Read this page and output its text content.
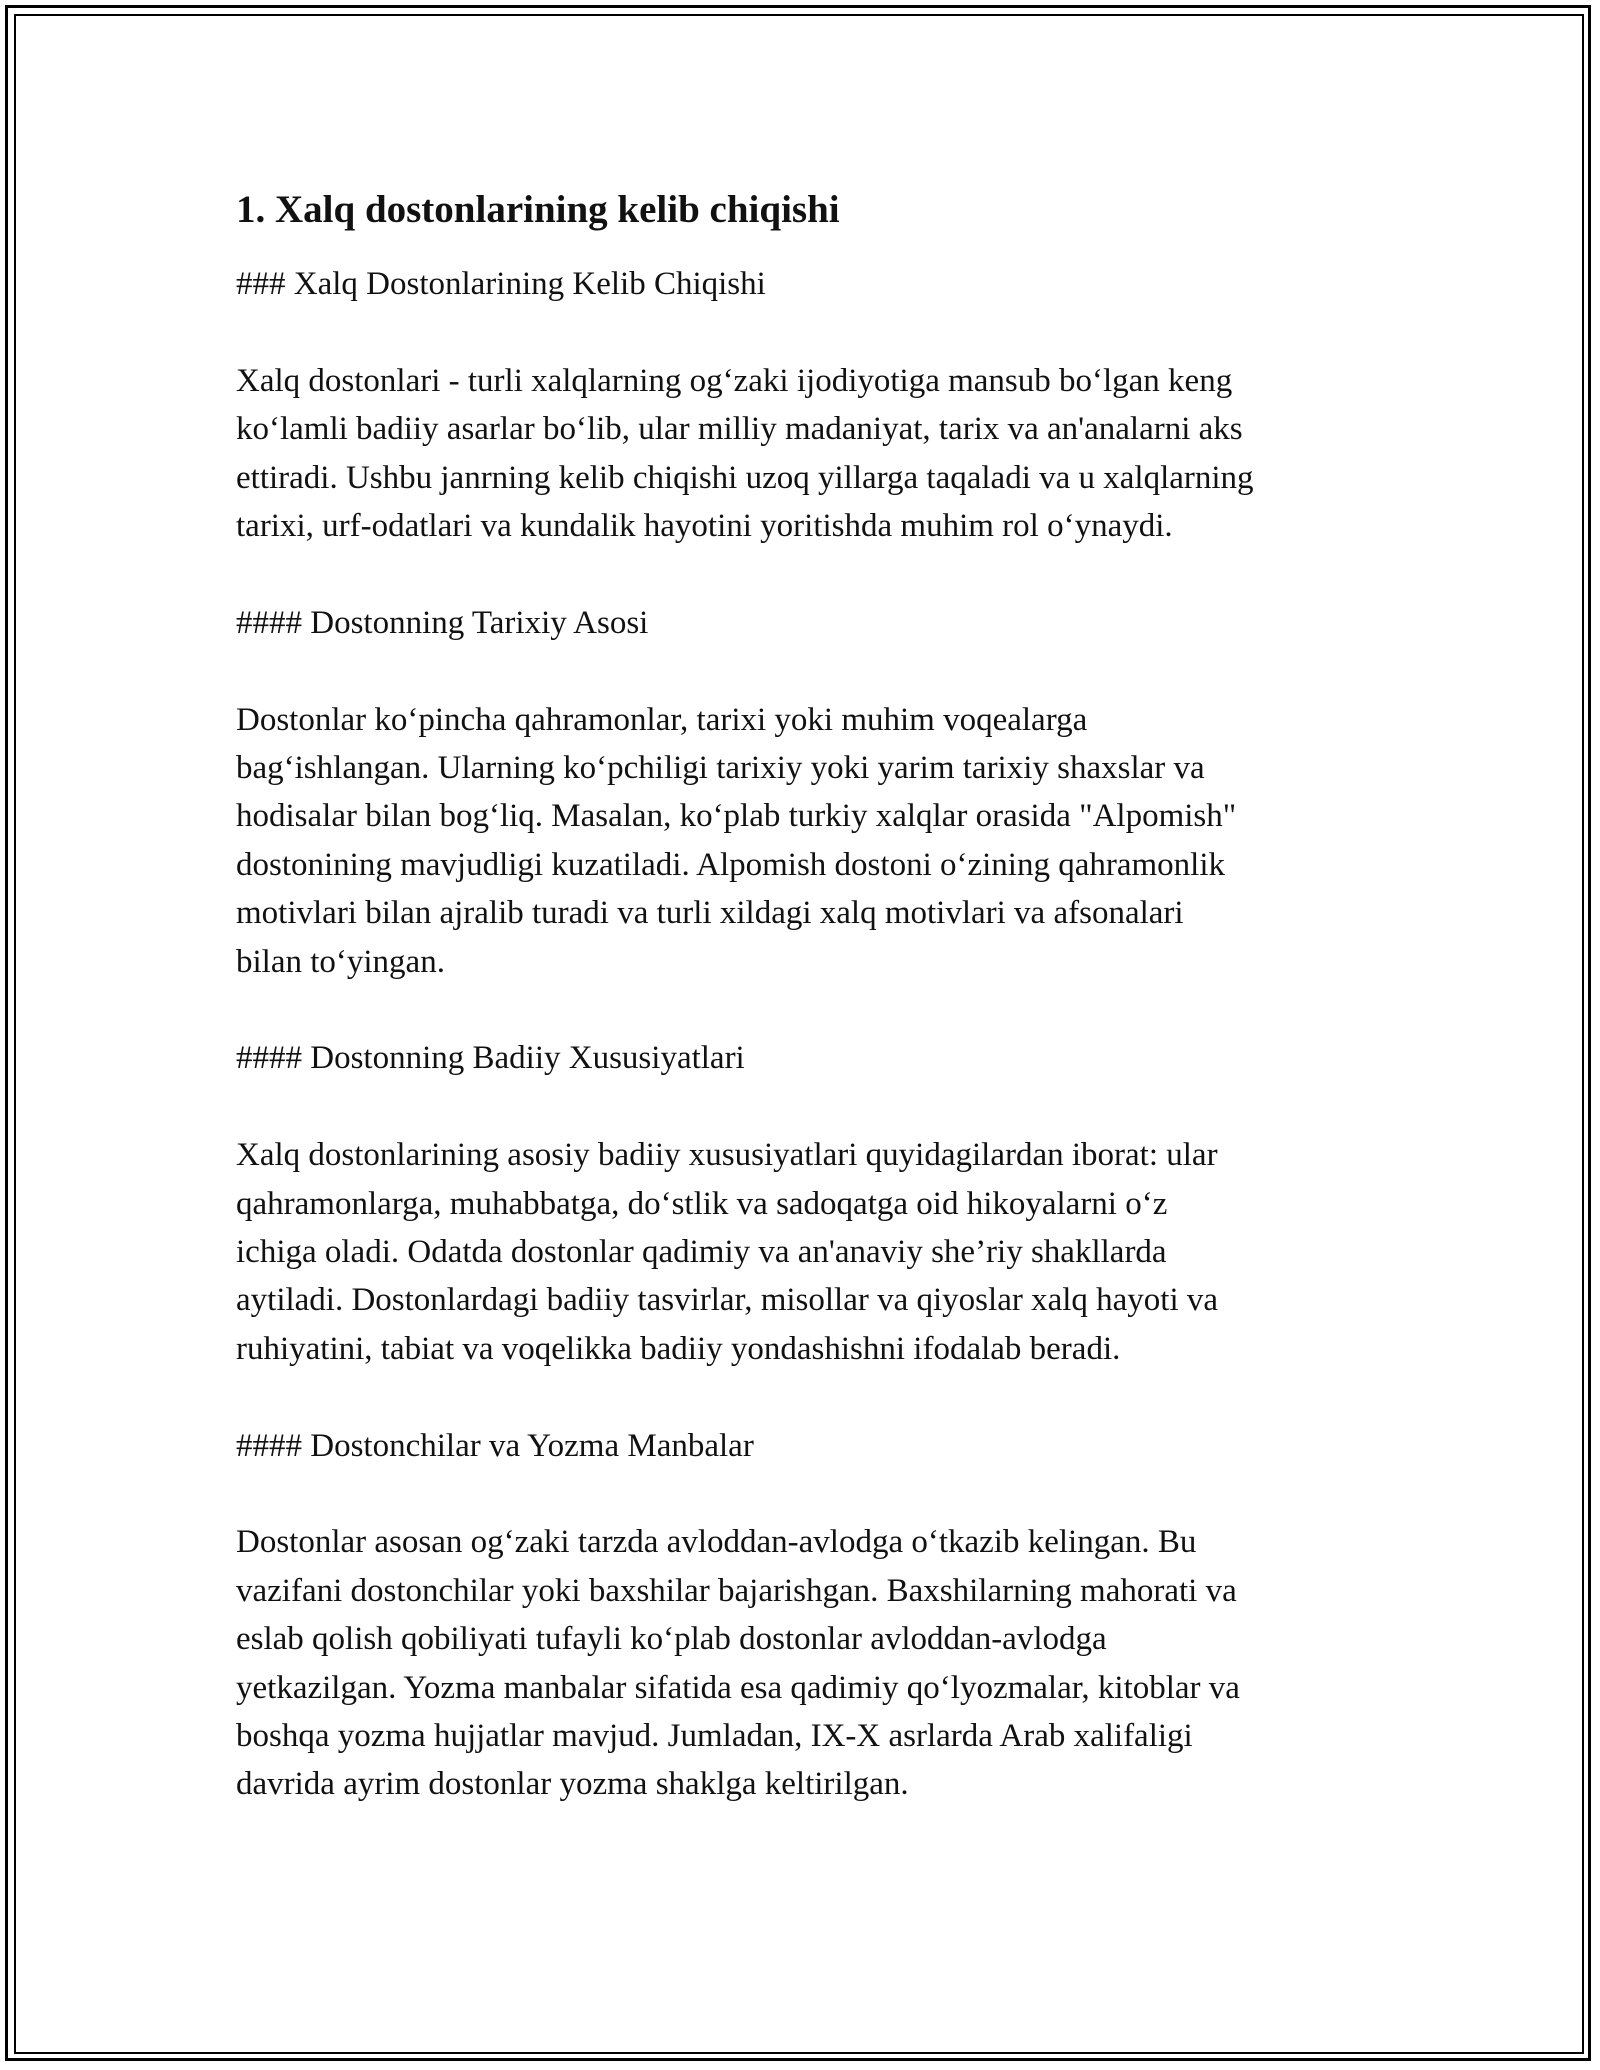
1. Xalq dostonlarining kelib chiqishi
### Xalq Dostonlarining Kelib Chiqishi
Xalq dostonlari - turli xalqlarning og‘zaki ijodiyotiga mansub bo‘lgan keng
ko‘lamli badiiy asarlar bo‘lib, ular milliy madaniyat, tarix va an'analarni aks
ettiradi. Ushbu janrning kelib chiqishi uzoq yillarga taqaladi va u xalqlarning
tarixi, urf-odatlari va kundalik hayotini yoritishda muhim rol o‘ynaydi.
#### Dostonning Tarixiy Asosi
Dostonlar ko‘pincha qahramonlar, tarixi yoki muhim voqealarga
bag‘ishlangan. Ularning ko‘pchiligi tarixiy yoki yarim tarixiy shaxslar va
hodisalar bilan bog‘liq. Masalan, ko‘plab turkiy xalqlar orasida "Alpomish"
dostonining mavjudligi kuzatiladi. Alpomish dostoni o‘zining qahramonlik
motivlari bilan ajralib turadi va turli xildagi xalq motivlari va afsonalari
bilan to‘yingan.
#### Dostonning Badiiy Xususiyatlari
Xalq dostonlarining asosiy badiiy xususiyatlari quyidagilardan iborat: ular
qahramonlarga, muhabbatga, do‘stlik va sadoqatga oid hikoyalarni o‘z
ichiga oladi. Odatda dostonlar qadimiy va an'anaviy she’riy shakllarda
aytiladi. Dostonlardagi badiiy tasvirlar, misollar va qiyoslar xalq hayoti va
ruhiyatini, tabiat va voqelikka badiiy yondashishni ifodalab beradi.
#### Dostonchilar va Yozma Manbalar
Dostonlar asosan og‘zaki tarzda avloddan-avlodga o‘tkazib kelingan. Bu
vazifani dostonchilar yoki baxshilar bajarishgan. Baxshilarning mahorati va
eslab qolish qobiliyati tufayli ko‘plab dostonlar avloddan-avlodga
yetkazilgan. Yozma manbalar sifatida esa qadimiy qo‘lyozmalar, kitoblar va
boshqa yozma hujjatlar mavjud. Jumladan, IX-X asrlarda Arab xalifaligi
davrida ayrim dostonlar yozma shaklga keltirilgan.
